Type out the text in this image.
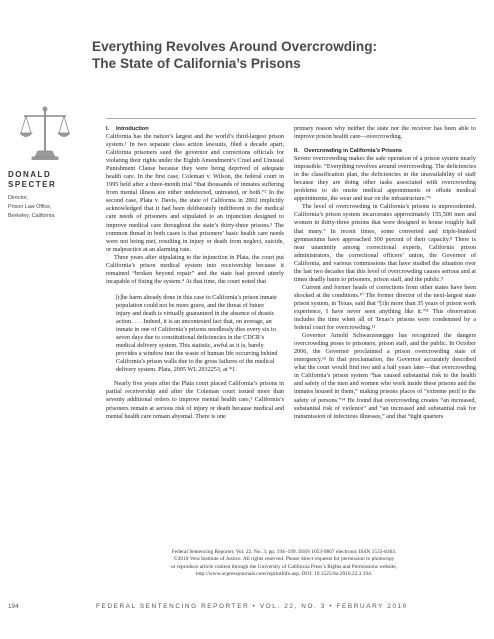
Everything Revolves Around Overcrowding:
The State of California’s Prisons
DONALD
SPECTER
Director,
Prison Law Office,
Berkeley, California
I. Introduction

California has the nation’s largest and the world’s third-largest prison system.¹ In two separate class action lawsuits, filed a decade apart, California prisoners sued the governor and corrections officials for violating their rights under the Eighth Amendment’s Cruel and Unusual Punishment Clause because they were being deprived of adequate health care. In the first case, Coleman v. Wilson, the federal court in 1995 held after a three-month trial “that thousands of inmates suffering from mental illness are either undetected, untreated, or both.”² In the second case, Plata v. Davis, the state of California in 2002 implicitly acknowledged that it had been deliberately indifferent to the medical care needs of prisoners and stipulated to an injunction designed to improve medical care throughout the state’s thirty-three prisons.³ The common thread in both cases is that prisoners’ basic health care needs were not being met, resulting in injury or death from neglect, suicide, or malpractice at an alarming rate.

Three years after stipulating to the injunction in Plata, the court put California’s prison medical system into receivership because it remained “broken beyond repair” and the state had proved utterly incapable of fixing the system.⁴ At that time, the court noted that

[t]he harm already done in this case to California’s prison inmate population could not be more grave, and the threat of future injury and death is virtually guaranteed in the absence of drastic action. . . . Indeed, it is an uncontested fact that, on average, an inmate in one of California’s prisons needlessly dies every six to seven days due to constitutional deficiencies in the CDCR’s medical delivery system. This statistic, awful as it is, barely provides a window into the waste of human life occurring behind California’s prison walls due to the gross failures of the medical delivery system. Plata, 2005 WL 2932253, at *1.

Nearly five years after the Plata court placed California’s prisons in partial receivership and after the Coleman court issued more than seventy additional orders to improve mental health care,⁵ California’s prisoners remain at serious risk of injury or death because medical and mental health care remain abysmal. There is one

primary reason why neither the state nor the receiver has been able to improve prison health care—overcrowding.

II. Overcrowding in California’s Prisons

Severe overcrowding makes the safe operation of a prison system nearly impossible. “Everything revolves around overcrowding. The deficiencies in the classification plan, the deficiencies in the unavailability of staff because they are doing other tasks associated with overcrowding problems to do onsite medical appointments or offsite medical appointments, the wear and tear on the infrastructure.”⁶

The level of overcrowding in California’s prisons is unprecedented. California’s prison system incarcerates approximately 155,500 men and women in thirty-three prisons that were designed to house roughly half that many.⁷ In recent times, some converted and triple-bunked gymnasiums have approached 300 percent of their capacity.⁸ There is near unanimity among correctional experts, California prison administrators, the correctional officers’ union, the Governor of California, and various commissions that have studied the situation over the last two decades that this level of overcrowding causes serious and at times deadly harm to prisoners, prison staff, and the public.⁹

Current and former heads of corrections from other states have been shocked at the conditions.¹⁰ The former director of the next-largest state prison system, in Texas, said that “[i]n more than 35 years of prison work experience, I have never seen anything like it.”¹¹ This observation includes the time when all of Texas’s prisons were condemned by a federal court for overcrowding.¹²

Governor Arnold Schwarzenegger has recognized the dangers overcrowding poses to prisoners, prison staff, and the public. In October 2006, the Governor proclaimed a prison overcrowding state of emergency.¹³ In that proclamation, the Governor accurately described what the court would find two and a half years later—that overcrowding in California’s prison system “has caused substantial risk to the health and safety of the men and women who work inside these prisons and the inmates housed in them,” making prisons places of “extreme peril to the safety of persons.”¹⁴ He found that overcrowding creates “an increased, substantial risk of violence” and “an increased and substantial risk for transmission of infectious illnesses,” and that “tight quarters

Federal Sentencing Reporter, Vol. 22, No. 3, pp. 194–199. ISSN 1053-9867 electronic ISSN 1533-8363.
©2010 Vera Institute of Justice. All rights reserved. Please direct requests for permission to photocopy
or reproduce article content through the University of California Press’s Rights and Permissions website,
http://www.ucpressjournals.com/reprintInfo.asp. DOI: 10.1525/fsr.2010.22.3.194.
194	FEDERAL SENTENCING REPORTER • VOL. 22, NO. 3 • FEBRUARY 2010
